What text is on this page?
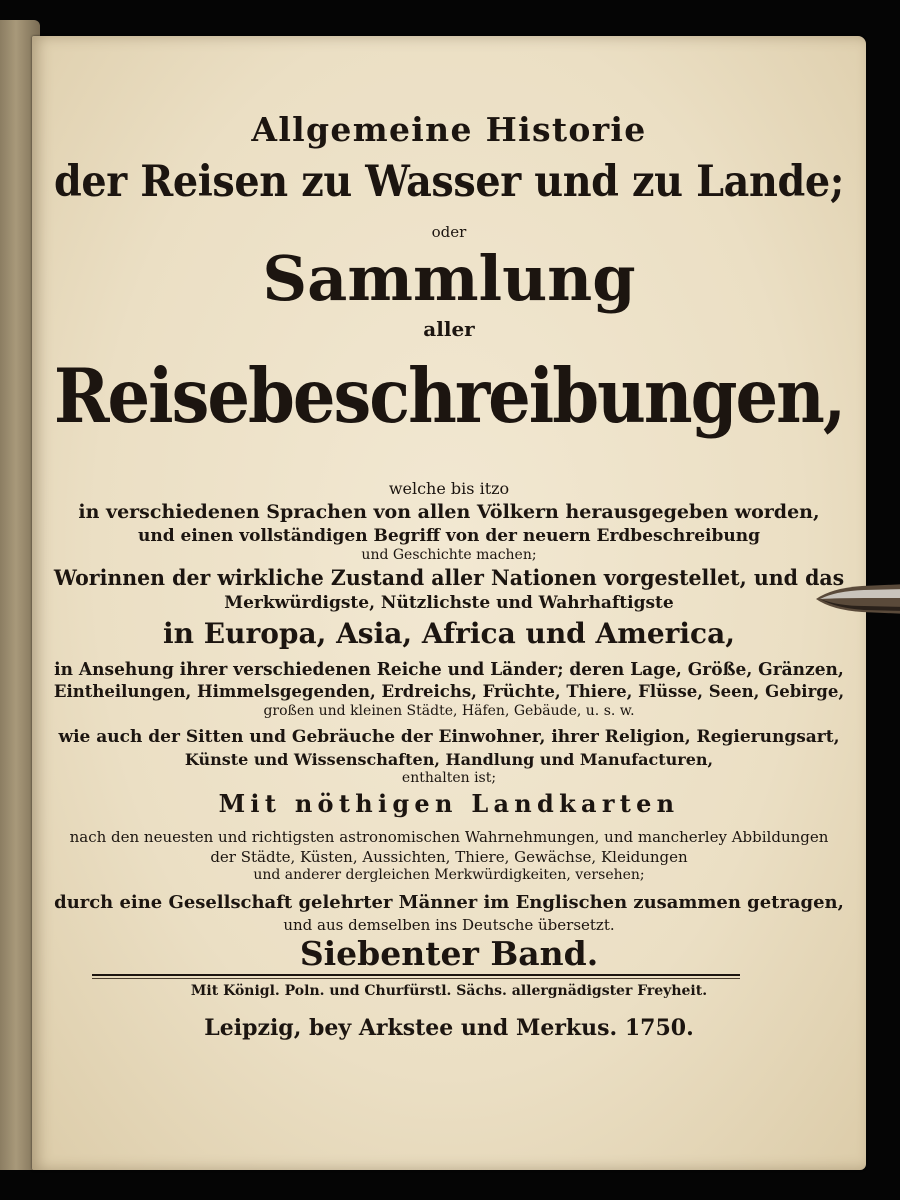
Allgemeine Historie
der Reisen zu Wasser und zu Lande;
oder
Sammlung
aller
Reisebeschreibungen,
welche bis itzo
in verschiedenen Sprachen von allen Völkern herausgegeben worden,
und einen vollständigen Begriff von der neuern Erdbeschreibung
und Geschichte machen;
Worinnen der wirkliche Zustand aller Nationen vorgestellet, und das
Merkwürdigste, Nützlichste und Wahrhaftigste
in Europa, Asia, Africa und America,
in Ansehung ihrer verschiedenen Reiche und Länder; deren Lage, Größe, Gränzen,
Eintheilungen, Himmelsgegenden, Erdreichs, Früchte, Thiere, Flüsse, Seen, Gebirge,
großen und kleinen Städte, Häfen, Gebäude, u. s. w.
wie auch der Sitten und Gebräuche der Einwohner, ihrer Religion, Regierungsart,
Künste und Wissenschaften, Handlung und Manufacturen,
enthalten ist;
Mit nöthigen Landkarten
nach den neuesten und richtigsten astronomischen Wahrnehmungen, und mancherley Abbildungen
der Städte, Küsten, Aussichten, Thiere, Gewächse, Kleidungen
und anderer dergleichen Merkwürdigkeiten, versehen;
durch eine Gesellschaft gelehrter Männer im Englischen zusammen getragen,
und aus demselben ins Deutsche übersetzt.
Siebenter Band.
Mit Königl. Poln. und Churfürstl. Sächs. allergnädigster Freyheit.
Leipzig, bey Arkstee und Merkus. 1750.
